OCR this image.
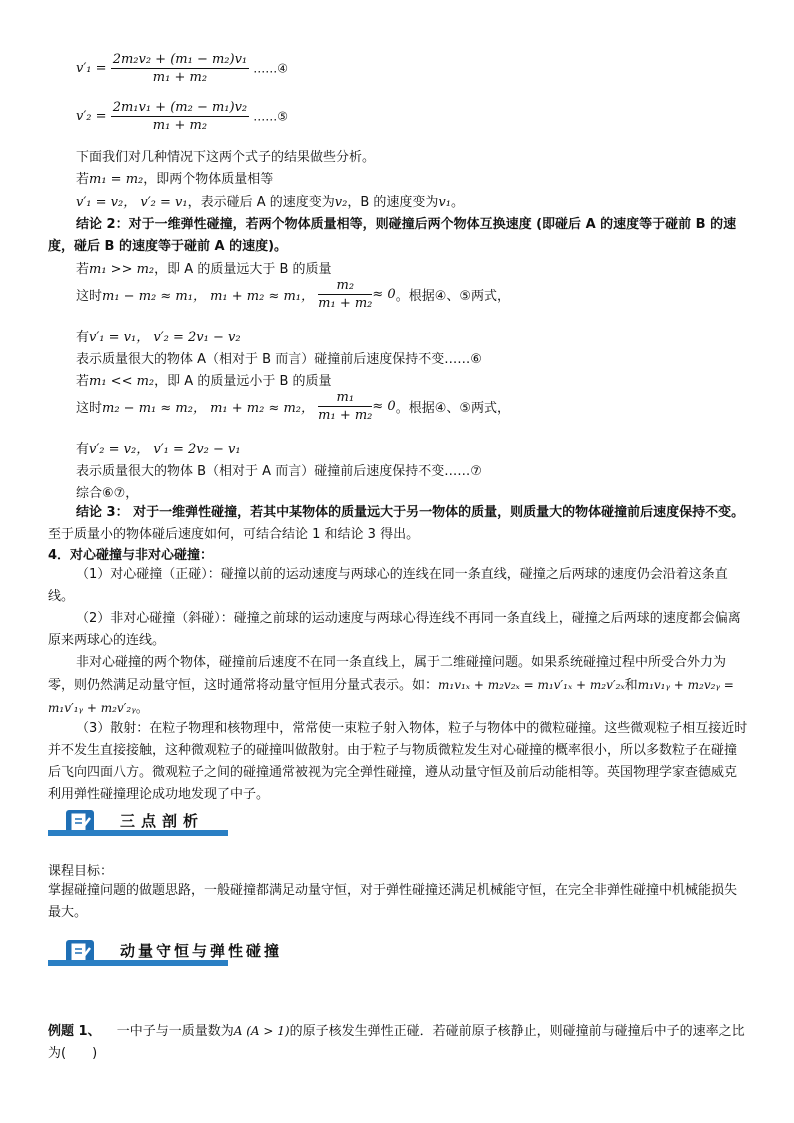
$v'_1 = \frac{\text{2m₂v₂ + (m₁ − m₂)v₁}}{\text{m₁ + m₂}}$ ……④
$v'_2 = \frac{\text{2m₁v₁ + (m₂ − m₁)v₂}}{\text{m₁ + m₂}}$ ……⑤
下面我们对几种情况下这两个式子的结果做些分析。
若m₁ = m₂，即两个物体质量相等
v′₁ = v₂， v′₂ = v₁，表示碰后 A 的速度变为v₂，B 的速度变为v₁。
结论 2：对于一维弹性碰撞，若两个物体质量相等，则碰撞后两个物体互换速度 (即碰后 A 的速度等于碰前 B 的速度，碰后 B 的速度等于碰前 A 的速度)。
若m₁ >> m₂，即 A 的质量远大于 B 的质量
这时m₁ − m₂ ≈ m₁， m₁ + m₂ ≈ m₁， $\frac{\text{m₂}}{\text{m₁ + m₂}} \approx 0$。根据④、⑤两式，
有v′₁ = v₁， v′₂ = 2v₁ − v₂
表示质量很大的物体 A（相对于 B 而言）碰撞前后速度保持不变……⑥
若m₁ << m₂，即 A 的质量远小于 B 的质量
这时m₂ − m₁ ≈ m₂， m₁ + m₂ ≈ m₂， $\frac{\text{m₁}}{\text{m₁ + m₂}} \approx 0$。根据④、⑤两式，
有v′₂ = v₂， v′₁ = 2v₂ − v₁
表示质量很大的物体 B（相对于 A 而言）碰撞前后速度保持不变……⑦
综合⑥⑦，
结论 3： 对于一维弹性碰撞，若其中某物体的质量远大于另一物体的质量，则质量大的物体碰撞前后速度保持不变。至于质量小的物体碰后速度如何，可结合结论 1 和结论 3 得出。
4．对心碰撞与非对心碰撞：
（1）对心碰撞（正碰）：碰撞以前的运动速度与两球心的连线在同一条直线，碰撞之后两球的速度仍会沿着这条直线。
（2）非对心碰撞（斜碰）：碰撞之前球的运动速度与两球心得连线不再同一条直线上，碰撞之后两球的速度都会偏离原来两球心的连线。
非对心碰撞的两个物体，碰撞前后速度不在同一条直线上，属于二维碰撞问题。如果系统碰撞过程中所受合外力为零，则仍然满足动量守恒，这时通常将动量守恒用分量式表示。如：m₁v₁ₓ + m₂v₂ₓ = m₁v′₁ₓ + m₂v′₂ₓ和m₁v₁ᵧ + m₂v₂ᵧ = m₁v′₁ᵧ + m₂v′₂ᵧ。
（3）散射：在粒子物理和核物理中，常常使一束粒子射入物体，粒子与物体中的微粒碰撞。这些微观粒子相互接近时并不发生直接接触，这种微观粒子的碰撞叫做散射。由于粒子与物质微粒发生对心碰撞的概率很小，所以多数粒子在碰撞后飞向四面八方。微观粒子之间的碰撞通常被视为完全弹性碰撞，遵从动量守恒及前后动能相等。英国物理学家查德威克利用弹性碰撞理论成功地发现了中子。
三点剖析
课程目标：
掌握碰撞问题的做题思路，一般碰撞都满足动量守恒，对于弹性碰撞还满足机械能守恒，在完全非弹性碰撞中机械能损失最大。
动量守恒与弹性碰撞
例题 1、 一中子与一质量数为A (A > 1)的原子核发生弹性正碰．若碰前原子核静止，则碰撞前与碰撞后中子的速率之比为(　　)
